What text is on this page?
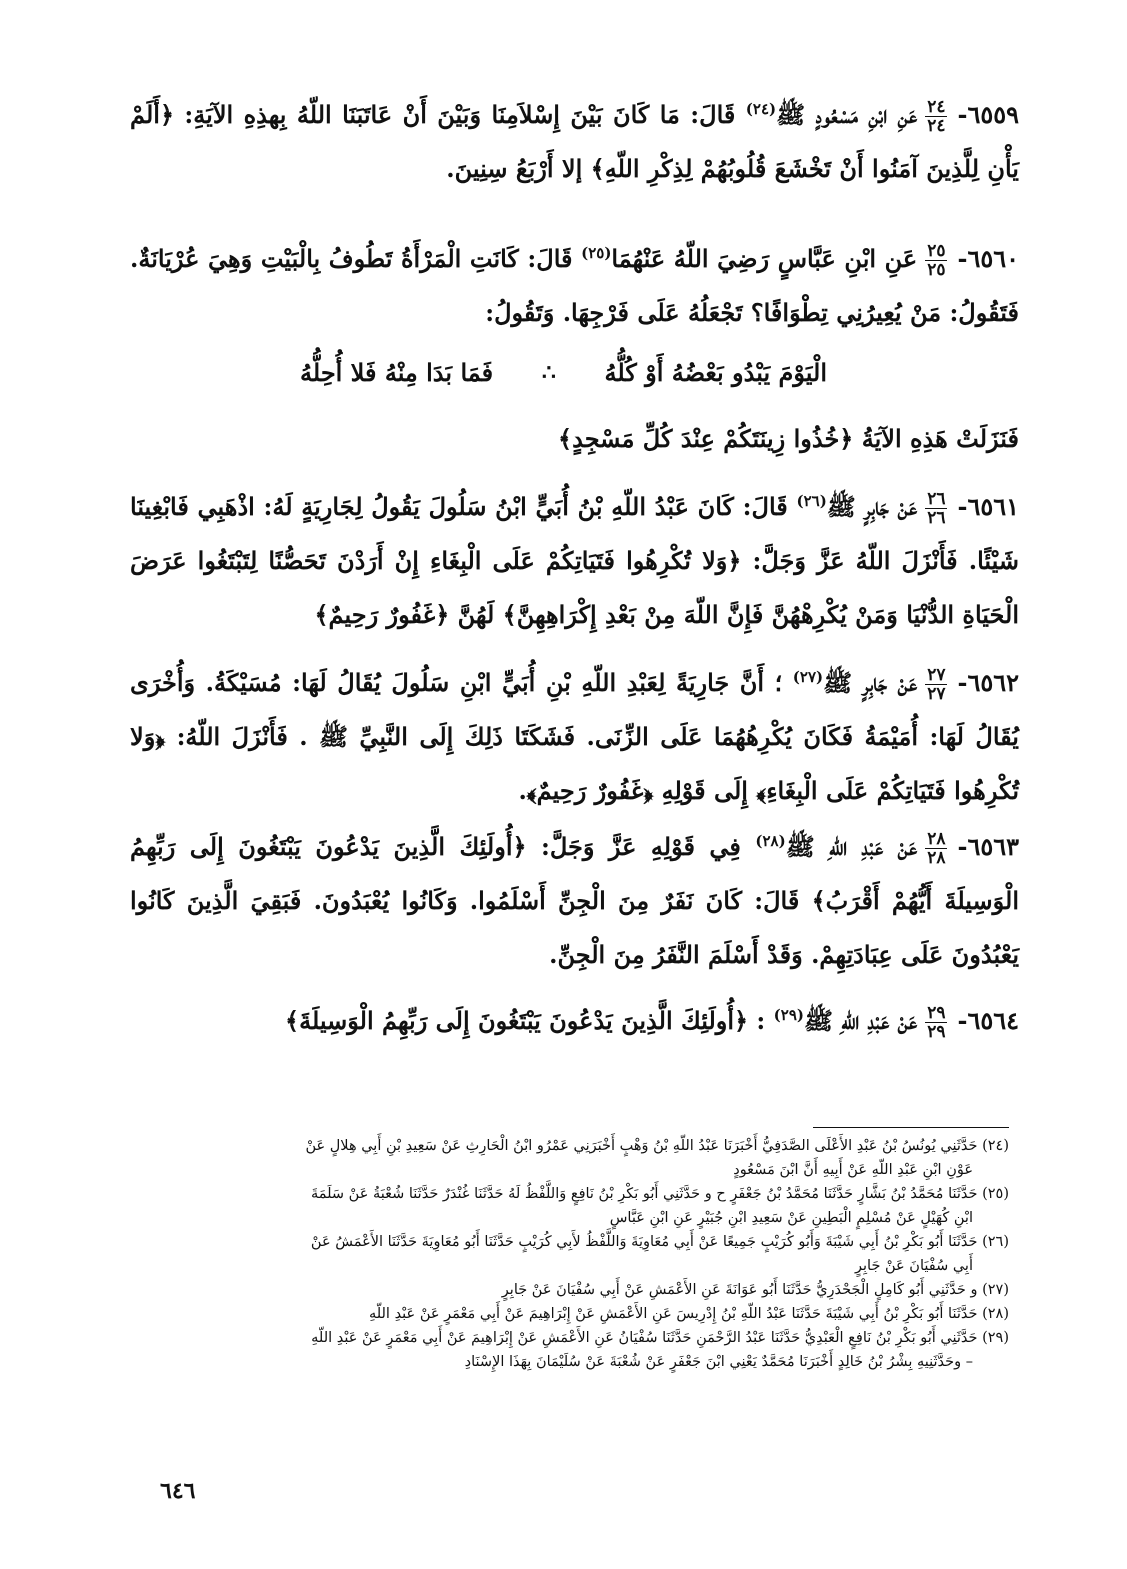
٦٥٥٩-
$\frac{٢٤}{٢٤}$
عَنِ ابْنِ مَسْعُودٍ ﷺ$^{(٢٤)}$ قَالَ: مَا كَانَ بَيْنَ إِسْلاَمِنَا وَبَيْنَ أَنْ عَاتَبَنَا اللّهُ بِهذِهِ الآيَةِ: ﴿أَلَمْ يَأْنِ لِلَّذِينَ آمَنُوا أَنْ تَخْشَعَ قُلُوبُهُمْ لِذِكْرِ اللّهِ﴾ إلا أَرْبَعُ سِنِينَ.

٦٥٦٠-
$\frac{٢٥}{٢٥}$
عَنِ ابْنِ عَبَّاسٍ رَضِيَ اللّهُ عَنْهُمَا$^{(٢٥)}$ قَالَ: كَانَتِ الْمَرْأَةُ تَطُوفُ بِالْبَيْتِ وَهِيَ عُرْيَانَةٌ. فَتَقُولُ: مَنْ يُعِيرُنِي تِطْوَافًا؟ تَجْعَلُهُ عَلَى فَرْجِهَا. وَتَقُولُ:

الْيَوْمَ يَبْدُو بَعْضُهُ أَوْ كُلُّهُ
∴
فَمَا بَدَا مِنْهُ فَلا أُحِلُّهُ

فَنَزَلَتْ هَذِهِ الآيَةُ ﴿خُذُوا زِينَتَكُمْ عِنْدَ كُلِّ مَسْجِدٍ﴾

٦٥٦١-
$\frac{٢٦}{٢٦}$
عَنْ جَابِرٍ ﷺ$^{(٢٦)}$ قَالَ: كَانَ عَبْدُ اللّهِ بْنُ أُبَيٍّ ابْنُ سَلُولَ يَقُولُ لِجَارِيَةٍ لَهُ: اذْهَبِي فَابْغِينَا شَيْئًا. فَأَنْزَلَ اللّهُ عَزَّ وَجَلَّ: ﴿وَلا تُكْرِهُوا فَتَيَاتِكُمْ عَلَى الْبِغَاءِ إِنْ أَرَدْنَ تَحَصُّنًا لِتَبْتَغُوا عَرَضَ الْحَيَاةِ الدُّنْيَا وَمَنْ يُكْرِهْهُنَّ فَإِنَّ اللّهَ مِنْ بَعْدِ إِكْرَاهِهِنَّ﴾ لَهُنَّ ﴿غَفُورٌ رَحِيمٌ﴾

٦٥٦٢-
$\frac{٢٧}{٢٧}$
عَنْ جَابِرٍ ﷺ$^{(٢٧)}$ ؛ أَنَّ جَارِيَةً لِعَبْدِ اللّهِ بْنِ أُبَيٍّ ابْنِ سَلُولَ يُقَالُ لَهَا: مُسَيْكَةُ. وَأُخْرَى يُقَالُ لَهَا: أُمَيْمَةُ فَكَانَ يُكْرِهُهُمَا عَلَى الزِّنَى. فَشَكَتَا ذَلِكَ إِلَى النَّبِيِّ ﷺ . فَأَنْزَلَ اللّهُ: ﴿وَلا تُكْرِهُوا فَتَيَاتِكُمْ عَلَى الْبِغَاءِ﴾ إِلَى قَوْلِهِ ﴿غَفُورٌ رَحِيمٌ﴾.

٦٥٦٣-
$\frac{٢٨}{٢٨}$
عَنْ عَبْدِ اللّهِ ﷺ$^{(٢٨)}$ فِي قَوْلِهِ عَزَّ وَجَلَّ: ﴿أُولَئِكَ الَّذِينَ يَدْعُونَ يَبْتَغُونَ إِلَى رَبِّهِمُ الْوَسِيلَةَ أَيُّهُمْ أَقْرَبُ﴾ قَالَ: كَانَ نَفَرٌ مِنَ الْجِنِّ أَسْلَمُوا. وَكَانُوا يُعْبَدُونَ. فَبَقِيَ الَّذِينَ كَانُوا يَعْبُدُونَ عَلَى عِبَادَتِهِمْ. وَقَدْ أَسْلَمَ النَّفَرُ مِنَ الْجِنِّ.

٦٥٦٤-
$\frac{٢٩}{٢٩}$
عَنْ عَبْدِ اللّهِ ﷺ$^{(٢٩)}$ : ﴿أُولَئِكَ الَّذِينَ يَدْعُونَ يَبْتَغُونَ إِلَى رَبِّهِمُ الْوَسِيلَةَ﴾

(٢٤) حَدَّثَنِي يُونُسُ بْنُ عَبْدِ الأَعْلَى الصَّدَفِيُّ أَخْبَرَنَا عَبْدُ اللّهِ بْنُ وَهْبٍ أَخْبَرَنِي عَمْرُو ابْنُ الْحَارِثِ عَنْ سَعِيدِ بْنِ أَبِي هِلالٍ عَنْ
عَوْنِ ابْنِ عَبْدِ اللّهِ عَنْ أَبِيهِ أَنَّ ابْنَ مَسْعُودٍ
(٢٥) حَدَّثَنَا مُحَمَّدُ بْنُ بَشَّارٍ حَدَّثَنَا مُحَمَّدُ بْنُ جَعْفَرٍ ح و حَدَّثَنِي أَبُو بَكْرِ بْنُ نَافِعٍ وَاللَّفْظُ لَهُ حَدَّثَنَا غُنْدَرٌ حَدَّثَنَا شُعْبَةُ عَنْ سَلَمَةَ
ابْنِ كُهَيْلٍ عَنْ مُسْلِمٍ الْبَطِينِ عَنْ سَعِيدِ ابْنِ جُبَيْرٍ عَنِ ابْنِ عَبَّاسٍ
(٢٦) حَدَّثَنَا أَبُو بَكْرِ بْنُ أَبِي شَيْبَةَ وَأَبُو كُرَيْبٍ جَمِيعًا عَنْ أَبِي مُعَاوِيَةَ وَاللَّفْظُ لأَبِي كُرَيْبٍ حَدَّثَنَا أَبُو مُعَاوِيَةَ حَدَّثَنَا الأَعْمَشُ عَنْ
أَبِي سُفْيَانَ عَنْ جَابِرٍ
(٢٧) و حَدَّثَنِي أَبُو كَامِلٍ الْجَحْدَرِيُّ حَدَّثَنَا أَبُو عَوَانَةَ عَنِ الأَعْمَشِ عَنْ أَبِي سُفْيَانَ عَنْ جَابِرٍ
(٢٨) حَدَّثَنَا أَبُو بَكْرِ بْنُ أَبِي شَيْبَةَ حَدَّثَنَا عَبْدُ اللّهِ بْنُ إِدْرِيسَ عَنِ الأَعْمَشِ عَنْ إِبْرَاهِيمَ عَنْ أَبِي مَعْمَرٍ عَنْ عَبْدِ اللّهِ
(٢٩) حَدَّثَنِي أَبُو بَكْرِ بْنُ نَافِعٍ الْعَبْدِيُّ حَدَّثَنَا عَبْدُ الرَّحْمَنِ حَدَّثَنَا سُفْيَانُ عَنِ الأَعْمَشِ عَنْ إِبْرَاهِيمَ عَنْ أَبِي مَعْمَرٍ عَنْ عَبْدِ اللّهِ
– وحَدَّثَنِيهِ بِشْرُ بْنُ خَالِدٍ أَخْبَرَنَا مُحَمَّدٌ يَعْنِي ابْنَ جَعْفَرٍ عَنْ شُعْبَةَ عَنْ سُلَيْمَانَ بِهَذَا الإِسْنَادِ
٦٤٦
